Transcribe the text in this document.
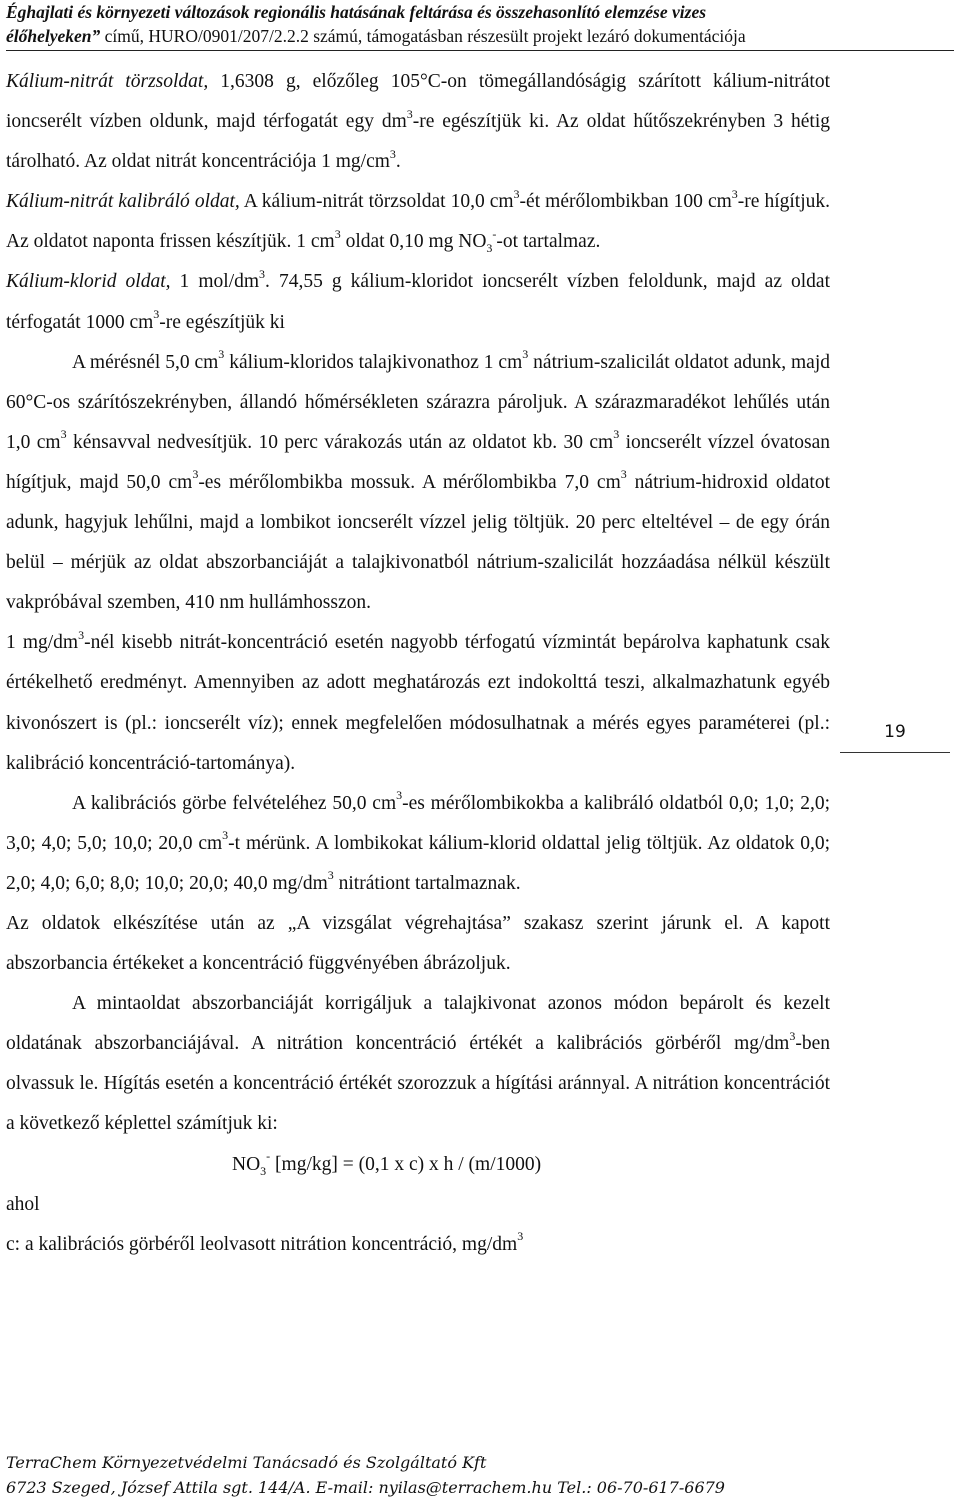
Éghajlati és környezeti változások regionális hatásának feltárása és összehasonlító elemzése vizes
élőhelyeken” című, HURO/0901/207/2.2.2 számú, támogatásban részesült projekt lezáró dokumentációja

Kálium-nitrát törzsoldat, 1,6308 g, előzőleg 105°C-on tömegállandóságig szárított kálium-nitrátot ioncserélt vízben oldunk, majd térfogatát egy $dm^3-re$ egészítjük ki. Az oldat hűtőszekrényben 3 hétig tárolható. Az oldat nitrát koncentrációja 1 $mg/cm^3$.

Kálium-nitrát kalibráló oldat, A kálium-nitrát törzsoldat 10,0 $cm^3-ét$ mérőlombikban 100 $cm^3-re$ hígítjuk. Az oldatot naponta frissen készítjük. 1 $cm^3$ oldat 0,10 mg $NO_3^--ot$ tartalmaz.

Kálium-klorid oldat, 1 mol/$dm^3$. 74,55 g kálium-kloridot ioncserélt vízben feloldunk, majd az oldat térfogatát 1000 $cm^3-re$ egészítjük ki

A mérésnél 5,0 $cm^3$ kálium-kloridos talajkivonathoz 1 $cm^3$ nátrium-szalicilát oldatot adunk, majd 60°C-os szárítószekrényben, állandó hőmérsékleten szárazra pároljuk. A szárazmaradékot lehűlés után 1,0 $cm^3$ kénsavval nedvesítjük. 10 perc várakozás után az oldatot kb. 30 $cm^3$ ioncserélt vízzel óvatosan hígítjuk, majd 50,0 $cm^3-es$ mérőlombikba mossuk. A mérőlombikba 7,0 $cm^3$ nátrium-hidroxid oldatot adunk, hagyjuk lehűlni, majd a lombikot ioncserélt vízzel jelig töltjük. 20 perc elteltével – de egy órán belül – mérjük az oldat abszorbanciáját a talajkivonatból nátrium-szalicilát hozzáadása nélkül készült vakpróbával szemben, 410 nm hullámhosszon.

1 $mg/dm^3$-nél kisebb nitrát-koncentráció esetén nagyobb térfogatú vízmintát bepárolva kaphatunk csak értékelhető eredményt. Amennyiben az adott meghatározás ezt indokolttá teszi, alkalmazhatunk egyéb kivonószert is (pl.: ioncserélt víz); ennek megfelelően módosulhatnak a mérés egyes paraméterei (pl.: kalibráció koncentráció-tartománya).

A kalibrációs görbe felvételéhez 50,0 $cm^3-es$ mérőlombikokba a kalibráló oldatból 0,0; 1,0; 2,0; 3,0; 4,0; 5,0; 10,0; 20,0 $cm^3-t$ mérünk. A lombikokat kálium-klorid oldattal jelig töltjük. Az oldatok 0,0; 2,0; 4,0; 6,0; 8,0; 10,0; 20,0; 40,0 $mg/dm^3$ nitrátiont tartalmaznak.

Az oldatok elkészítése után az „A vizsgálat végrehajtása” szakasz szerint járunk el. A kapott abszorbancia értékeket a koncentráció függvényében ábrázoljuk.

A mintaoldat abszorbanciáját korrigáljuk a talajkivonat azonos módon bepárolt és kezelt oldatának abszorbanciájával. A nitrátion koncentráció értékét a kalibrációs görbéről $mg/dm^3$-ben olvassuk le. Hígítás esetén a koncentráció értékét szorozzuk a hígítási aránnyal. A nitrátion koncentrációt a következő képlettel számítjuk ki:

$NO_3^-$ [mg/kg] = (0,1 x c) x h / (m/1000)

ahol

c: a kalibrációs görbéről leolvasott nitrátion koncentráció, $mg/dm^3$

19
TerraChem Környezetvédelmi Tanácsadó és Szolgáltató Kft
6723 Szeged, József Attila sgt. 144/A. E-mail: nyilas@terrachem.hu Tel.: 06-70-617-6679
